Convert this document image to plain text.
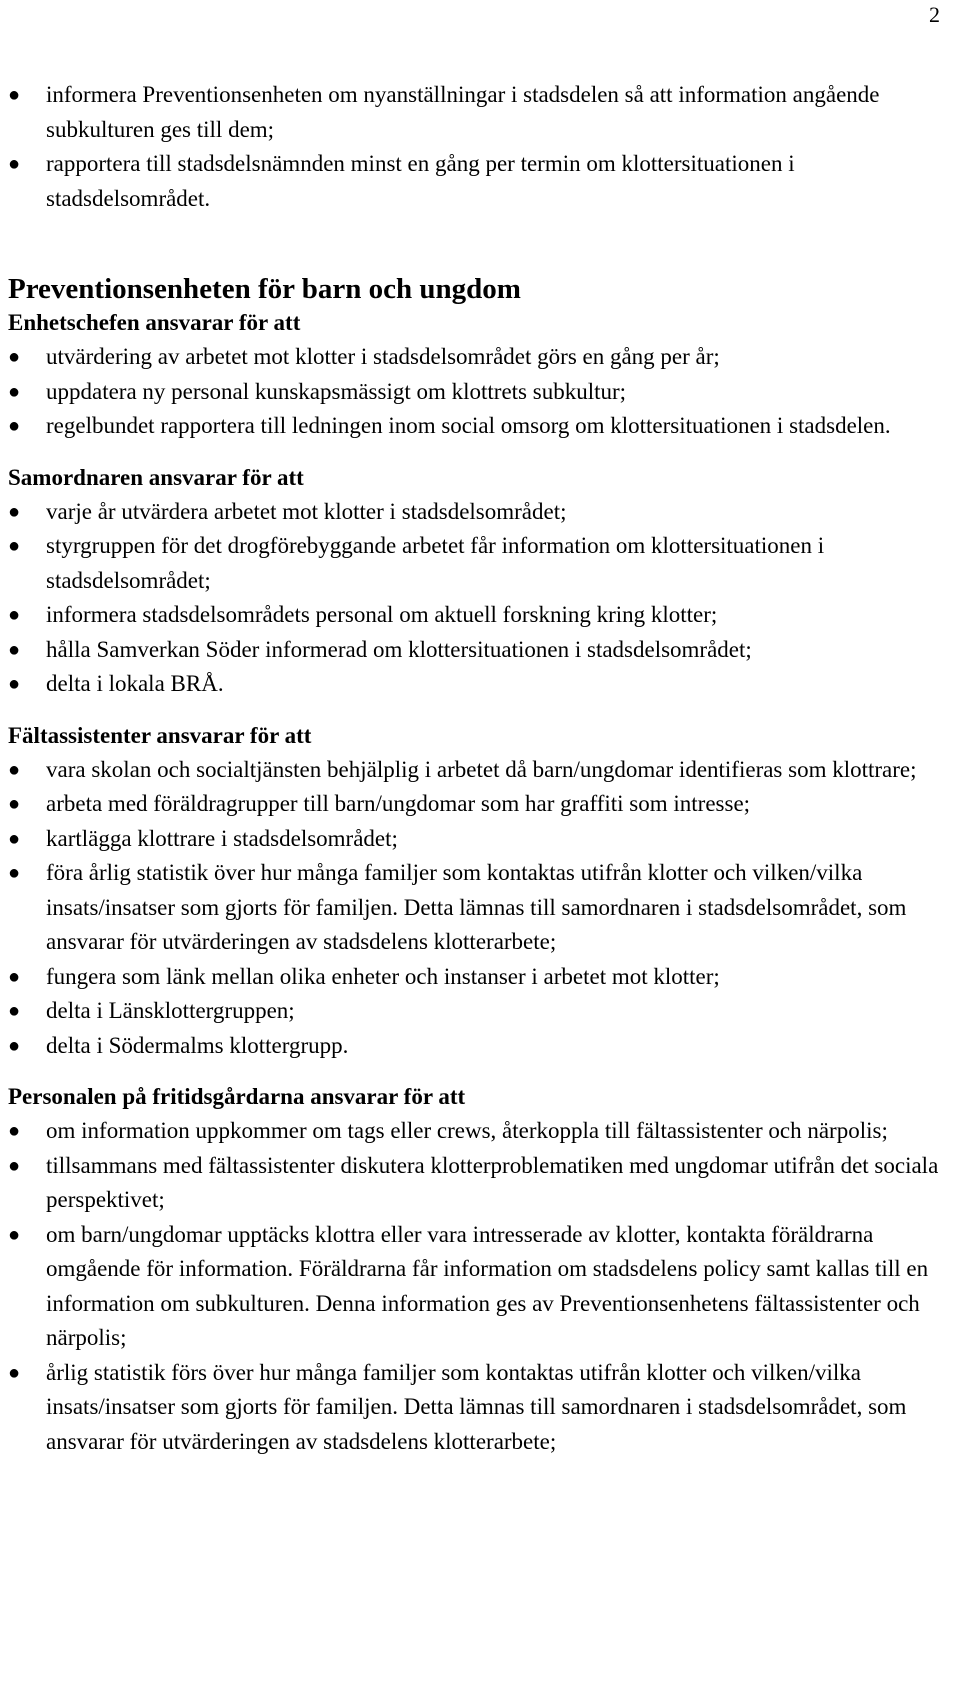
2
● informera Preventionsenheten om nyanställningar i stadsdelen så att information angående subkulturen ges till dem;
● rapportera till stadsdelsnämnden minst en gång per termin om klottersituationen i stadsdelsområdet.
Preventionsenheten för barn och ungdom
Enhetschefen ansvarar för att
● utvärdering av arbetet mot klotter i stadsdelsområdet görs en gång per år;
● uppdatera ny personal kunskapsmässigt om klottrets subkultur;
● regelbundet rapportera till ledningen inom social omsorg om klottersituationen i stadsdelen.
Samordnaren ansvarar för att
● varje år utvärdera arbetet mot klotter i stadsdelsområdet;
● styrgruppen för det drogförebyggande arbetet får information om klottersituationen i stadsdelsområdet;
● informera stadsdelsområdets personal om aktuell forskning kring klotter;
● hålla Samverkan Söder informerad om klottersituationen i stadsdelsområdet;
● delta i lokala BRÅ.
Fältassistenter ansvarar för att
● vara skolan och socialtjänsten behjälplig i arbetet då barn/ungdomar identifieras som klottrare;
● arbeta med föräldragrupper till barn/ungdomar som har graffiti som intresse;
● kartlägga klottrare i stadsdelsområdet;
● föra årlig statistik över hur många familjer som kontaktas utifrån klotter och vilken/vilka insats/insatser som gjorts för familjen. Detta lämnas till samordnaren i stadsdelsområdet, som ansvarar för utvärderingen av stadsdelens klotterarbete;
● fungera som länk mellan olika enheter och instanser i arbetet mot klotter;
● delta i Länsklottergruppen;
● delta i Södermalms klottergrupp.
Personalen på fritidsgårdarna ansvarar för att
● om information uppkommer om tags eller crews, återkoppla till fältassistenter och närpolis;
● tillsammans med fältassistenter diskutera klotterproblematiken med ungdomar utifrån det sociala perspektivet;
● om barn/ungdomar upptäcks klottra eller vara intresserade av klotter, kontakta föräldrarna omgående för information. Föräldrarna får information om stadsdelens policy samt kallas till en information om subkulturen. Denna information ges av Preventionsenhetens fältassistenter och närpolis;
● årlig statistik förs över hur många familjer som kontaktas utifrån klotter och vilken/vilka insats/insatser som gjorts för familjen. Detta lämnas till samordnaren i stadsdelsområdet, som ansvarar för utvärderingen av stadsdelens klotterarbete;
